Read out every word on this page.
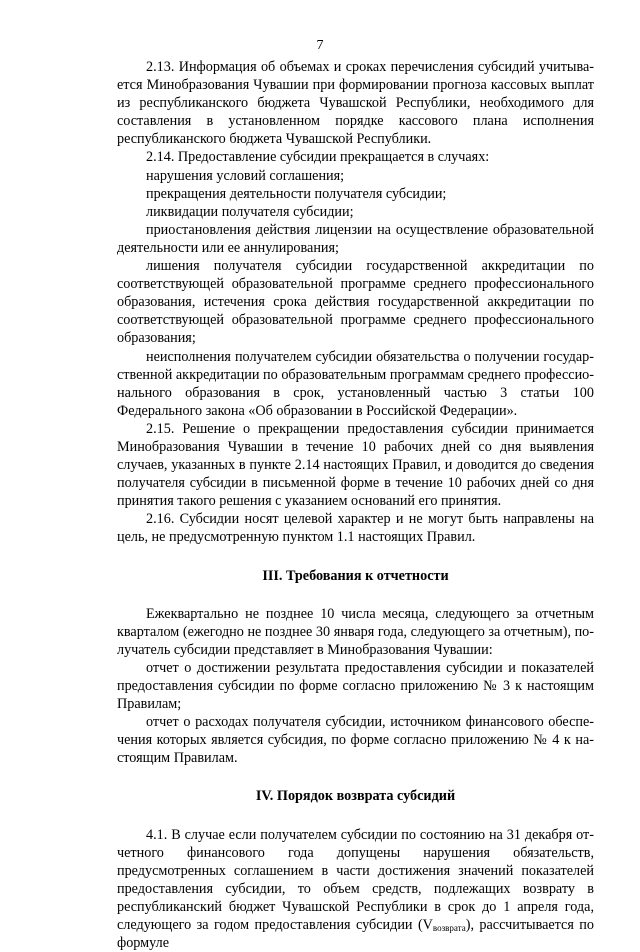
7

2.13. Информация об объемах и сроках перечисления субсидий учитывается Минобразования Чувашии при формировании прогноза кассовых выплат из республиканского бюджета Чувашской Республики, необходимого для составления в установленном порядке кассового плана исполнения республиканского бюджета Чувашской Республики.

2.14. Предоставление субсидии прекращается в случаях:

нарушения условий соглашения;

прекращения деятельности получателя субсидии;

ликвидации получателя субсидии;

приостановления действия лицензии на осуществление образовательной деятельности или ее аннулирования;

лишения получателя субсидии государственной аккредитации по соответствующей образовательной программе среднего профессионального образования, истечения срока действия государственной аккредитации по соответствующей образовательной программе среднего профессионального образования;

неисполнения получателем субсидии обязательства о получении государственной аккредитации по образовательным программам среднего профессионального образования в срок, установленный частью 3 статьи 100 Федерального закона «Об образовании в Российской Федерации».

2.15. Решение о прекращении предоставления субсидии принимается Минобразования Чувашии в течение 10 рабочих дней со дня выявления случаев, указанных в пункте 2.14 настоящих Правил, и доводится до сведения получателя субсидии в письменной форме в течение 10 рабочих дней со дня принятия такого решения с указанием оснований его принятия.

2.16. Субсидии носят целевой характер и не могут быть направлены на цель, не предусмотренную пунктом 1.1 настоящих Правил.

III. Требования к отчетности

Ежеквартально не позднее 10 числа месяца, следующего за отчетным кварталом (ежегодно не позднее 30 января года, следующего за отчетным), получатель субсидии представляет в Минобразования Чувашии:

отчет о достижении результата предоставления субсидии и показателей предоставления субсидии по форме согласно приложению № 3 к настоящим Правилам;

отчет о расходах получателя субсидии, источником финансового обеспечения которых является субсидия, по форме согласно приложению № 4 к настоящим Правилам.

IV. Порядок возврата субсидий

4.1. В случае если получателем субсидии по состоянию на 31 декабря отчетного финансового года допущены нарушения обязательств, предусмотренных соглашением в части достижения значений показателей предоставления субсидии, то объем средств, подлежащих возврату в республиканский бюджет Чувашской Республики в срок до 1 апреля года, следующего за годом предоставления субсидии $(V_{возврата})$, рассчитывается по формуле
